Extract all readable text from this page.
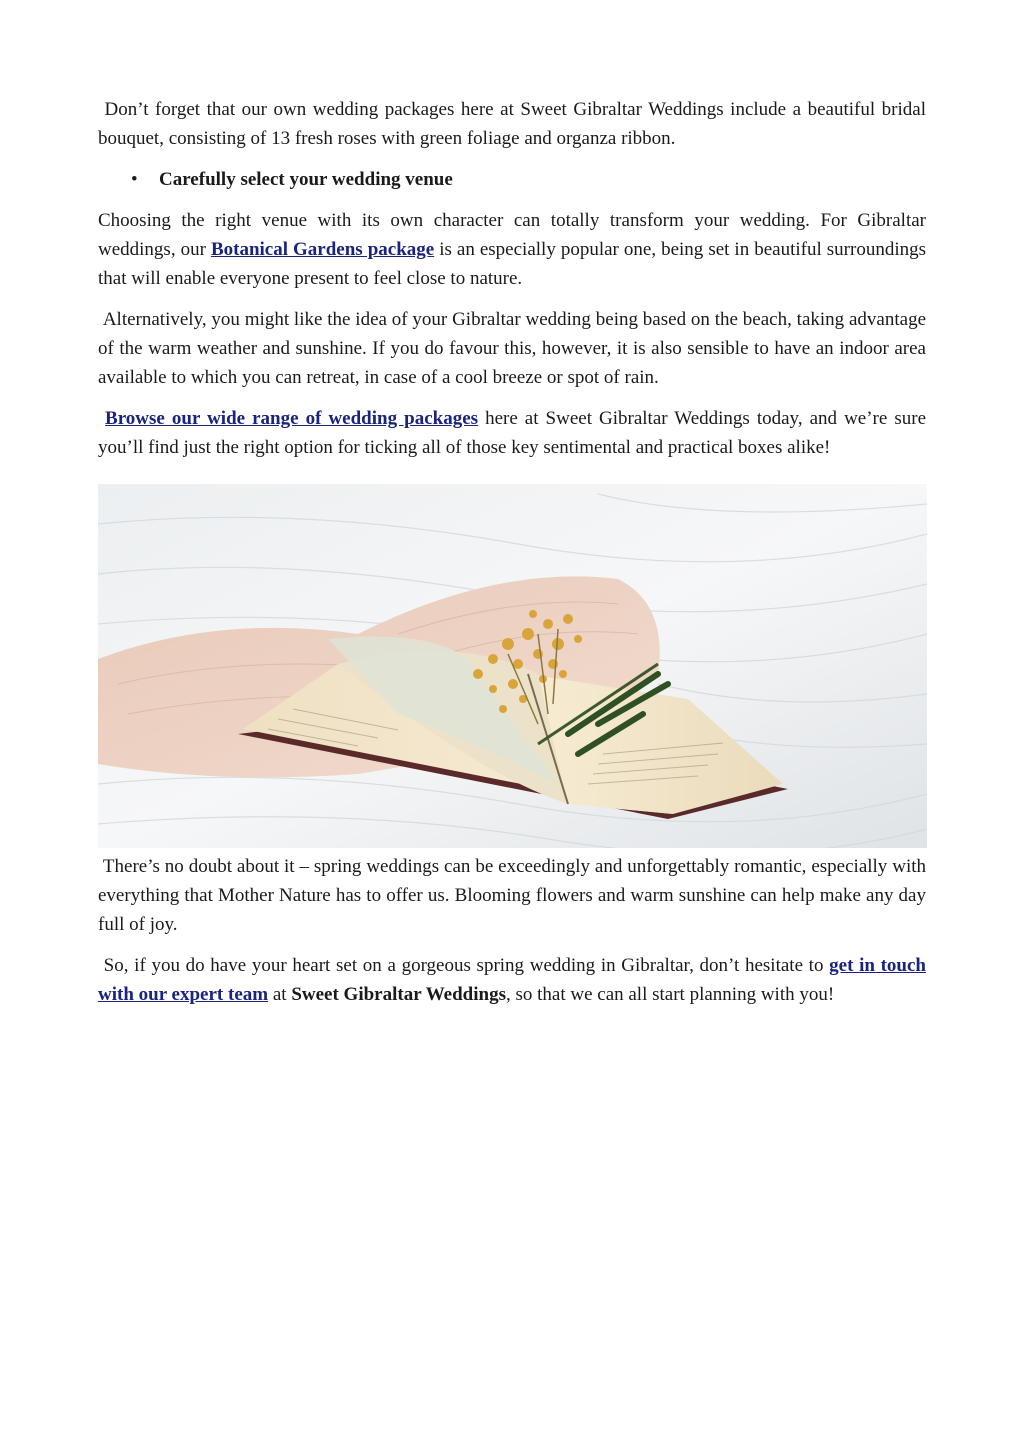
Don’t forget that our own wedding packages here at Sweet Gibraltar Weddings include a beautiful bridal bouquet, consisting of 13 fresh roses with green foliage and organza ribbon.

•	Carefully select your wedding venue

Choosing the right venue with its own character can totally transform your wedding. For Gibraltar weddings, our Botanical Gardens package is an especially popular one, being set in beautiful surroundings that will enable everyone present to feel close to nature.

Alternatively, you might like the idea of your Gibraltar wedding being based on the beach, taking advantage of the warm weather and sunshine. If you do favour this, however, it is also sensible to have an indoor area available to which you can retreat, in case of a cool breeze or spot of rain.

Browse our wide range of wedding packages here at Sweet Gibraltar Weddings today, and we’re sure you’ll find just the right option for ticking all of those key sentimental and practical boxes alike!

There’s no doubt about it – spring weddings can be exceedingly and unforgettably romantic, especially with everything that Mother Nature has to offer us. Blooming flowers and warm sunshine can help make any day full of joy.

So, if you do have your heart set on a gorgeous spring wedding in Gibraltar, don’t hesitate to get in touch with our expert team at Sweet Gibraltar Weddings, so that we can all start planning with you!
